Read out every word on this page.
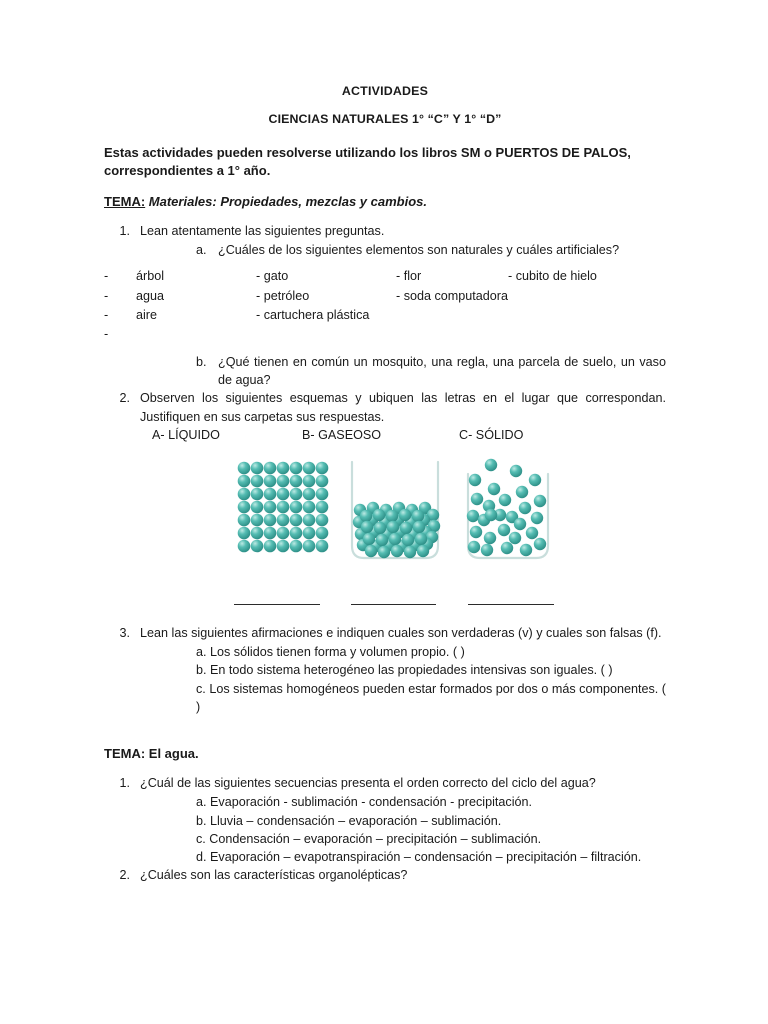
ACTIVIDADES
CIENCIAS NATURALES 1° “C” Y 1° “D”
Estas actividades pueden resolverse utilizando los libros SM o PUERTOS DE PALOS, correspondientes a 1° año.
TEMA: Materiales: Propiedades, mezclas y cambios.
1. Lean atentamente las siguientes preguntas.
a. ¿Cuáles de los siguientes elementos son naturales y cuáles artificiales?
-	árbol	- gato	- flor	- cubito de hielo
-	agua	- petróleo	- soda computadora	
-	aire	- cartuchera plástica		
-				
b. ¿Qué tienen en común un mosquito, una regla, una parcela de suelo, un vaso de agua?
2. Observen los siguientes esquemas y ubiquen las letras en el lugar que correspondan. Justifiquen en sus carpetas sus respuestas.
A- LÍQUIDO	B- GASEOSO	C- SÓLIDO
3. Lean las siguientes afirmaciones e indiquen cuales son verdaderas (v) y cuales son falsas (f).
a. Los sólidos tienen forma y volumen propio. ( )
b. En todo sistema heterogéneo las propiedades intensivas son iguales. ( )
c. Los sistemas homogéneos pueden estar formados por dos o más componentes. ( )
TEMA: El agua.
1. ¿Cuál de las siguientes secuencias presenta el orden correcto del ciclo del agua?
a. Evaporación - sublimación - condensación - precipitación.
b. Lluvia – condensación – evaporación – sublimación.
c. Condensación – evaporación – precipitación – sublimación.
d. Evaporación – evapotranspiración – condensación – precipitación – filtración.
2. ¿Cuáles son las características organolépticas?
